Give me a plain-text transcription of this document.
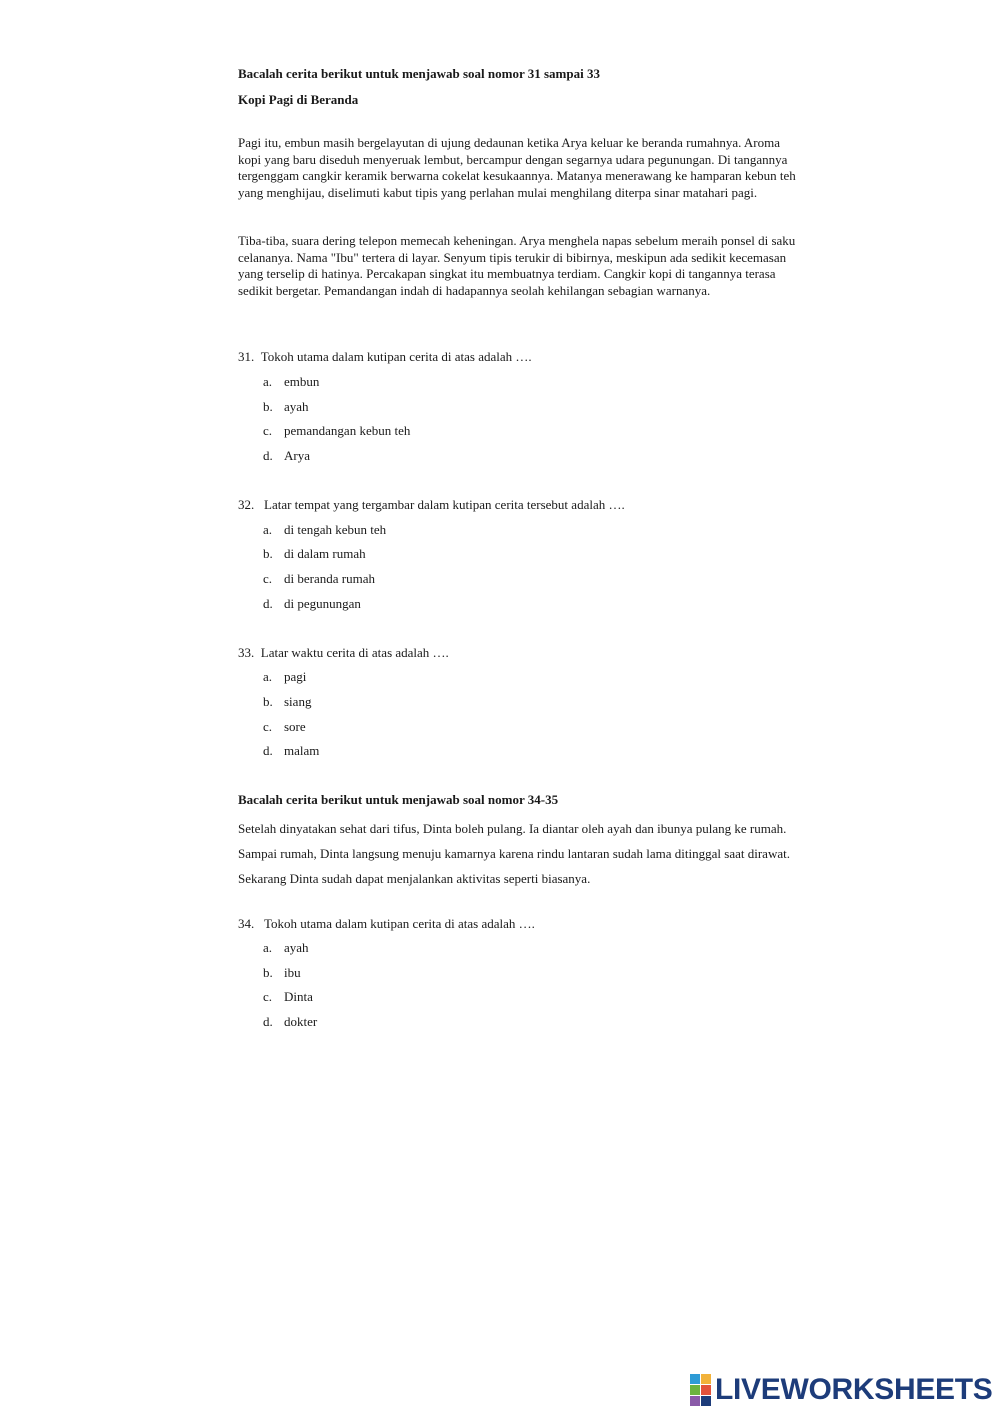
Bacalah cerita berikut untuk menjawab soal nomor 31 sampai 33
Kopi Pagi di Beranda
Pagi itu, embun masih bergelayutan di ujung dedaunan ketika Arya keluar ke beranda rumahnya. Aroma kopi yang baru diseduh menyeruak lembut, bercampur dengan segarnya udara pegunungan. Di tangannya tergenggam cangkir keramik berwarna cokelat kesukaannya. Matanya menerawang ke hamparan kebun teh yang menghijau, diselimuti kabut tipis yang perlahan mulai menghilang diterpa sinar matahari pagi.
Tiba-tiba, suara dering telepon memecah keheningan. Arya menghela napas sebelum meraih ponsel di saku celananya. Nama "Ibu" tertera di layar. Senyum tipis terukir di bibirnya, meskipun ada sedikit kecemasan yang terselip di hatinya. Percakapan singkat itu membuatnya terdiam. Cangkir kopi di tangannya terasa sedikit bergetar. Pemandangan indah di hadapannya seolah kehilangan sebagian warnanya.
31. Tokoh utama dalam kutipan cerita di atas adalah ….
a. embun
b. ayah
c. pemandangan kebun teh
d. Arya
32. Latar tempat yang tergambar dalam kutipan cerita tersebut adalah ….
a. di tengah kebun teh
b. di dalam rumah
c. di beranda rumah
d. di pegunungan
33. Latar waktu cerita di atas adalah ….
a. pagi
b. siang
c. sore
d. malam
Bacalah cerita berikut untuk menjawab soal nomor 34-35
Setelah dinyatakan sehat dari tifus, Dinta boleh pulang. Ia diantar oleh ayah dan ibunya pulang ke rumah. Sampai rumah, Dinta langsung menuju kamarnya karena rindu lantaran sudah lama ditinggal saat dirawat. Sekarang Dinta sudah dapat menjalankan aktivitas seperti biasanya.
34. Tokoh utama dalam kutipan cerita di atas adalah ….
a. ayah
b. ibu
c. Dinta
d. dokter
LIVEWORKSHEETS
